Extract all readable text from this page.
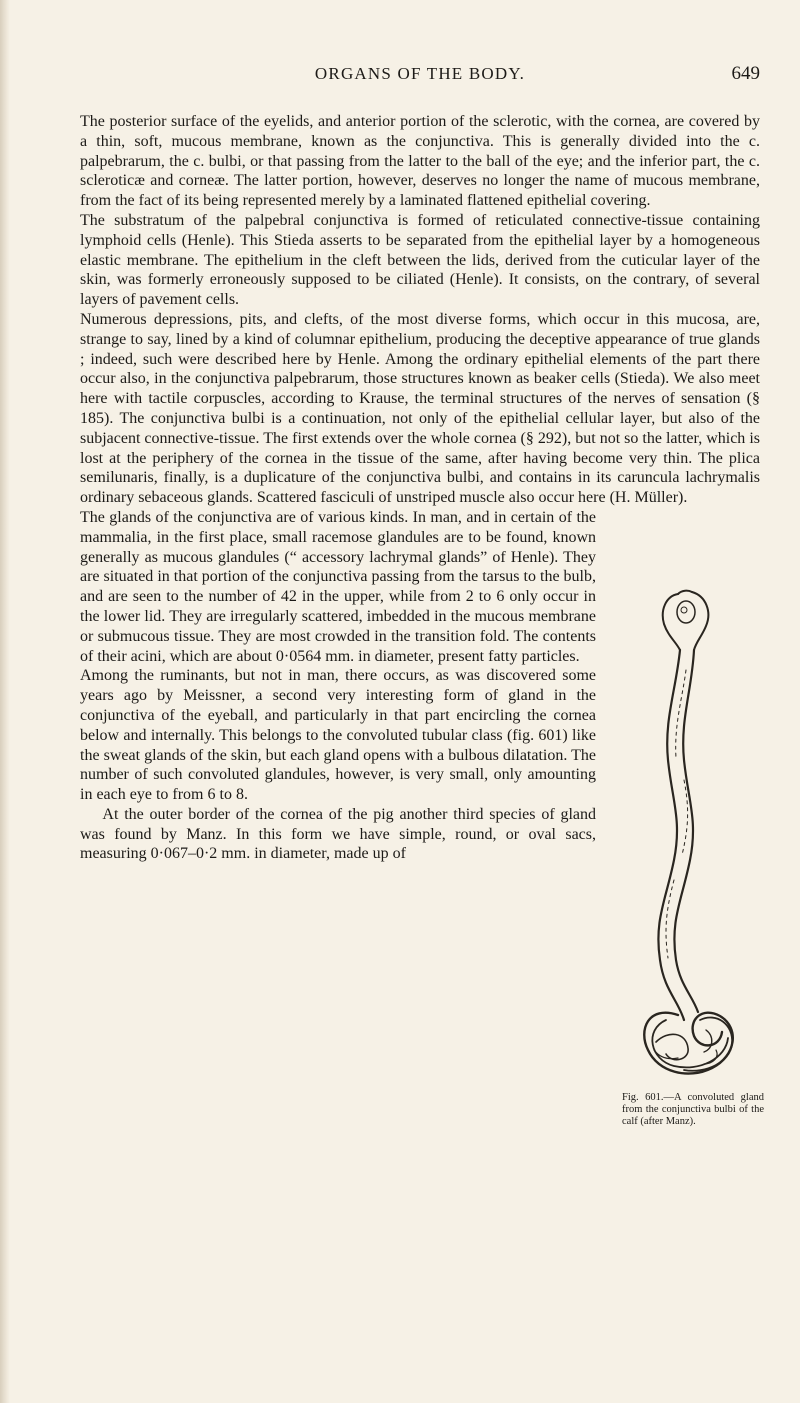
ORGANS OF THE BODY.	649

The posterior surface of the eyelids, and anterior portion of the sclerotic, with the cornea, are covered by a thin, soft, mucous membrane, known as the conjunctiva. This is generally divided into the c. palpebrarum, the c. bulbi, or that passing from the latter to the ball of the eye; and the inferior part, the c. scleroticæ and corneæ. The latter portion, however, deserves no longer the name of mucous membrane, from the fact of its being represented merely by a laminated flattened epithelial covering.

The substratum of the palpebral conjunctiva is formed of reticulated connective-tissue containing lymphoid cells (Henle). This Stieda asserts to be separated from the epithelial layer by a homogeneous elastic membrane. The epithelium in the cleft between the lids, derived from the cuticular layer of the skin, was formerly erroneously supposed to be ciliated (Henle). It consists, on the contrary, of several layers of pavement cells.

Numerous depressions, pits, and clefts, of the most diverse forms, which occur in this mucosa, are, strange to say, lined by a kind of columnar epithelium, producing the deceptive appearance of true glands ; indeed, such were described here by Henle. Among the ordinary epithelial elements of the part there occur also, in the conjunctiva palpebrarum, those structures known as beaker cells (Stieda). We also meet here with tactile corpuscles, according to Krause, the terminal structures of the nerves of sensation (§ 185). The conjunctiva bulbi is a continuation, not only of the epithelial cellular layer, but also of the subjacent connective-tissue. The first extends over the whole cornea (§ 292), but not so the latter, which is lost at the periphery of the cornea in the tissue of the same, after having become very thin. The plica semilunaris, finally, is a duplicature of the conjunctiva bulbi, and contains in its caruncula lachrymalis ordinary sebaceous glands. Scattered fasciculi of unstriped muscle also occur here (H. Müller).

Fig. 601.—A convoluted gland from the conjunctiva bulbi of the calf (after Manz).

The glands of the conjunctiva are of various kinds. In man, and in certain of the mammalia, in the first place, small racemose glandules are to be found, known generally as mucous glandules (“ accessory lachrymal glands” of Henle). They are situated in that portion of the conjunctiva passing from the tarsus to the bulb, and are seen to the number of 42 in the upper, while from 2 to 6 only occur in the lower lid. They are irregularly scattered, imbedded in the mucous membrane or submucous tissue. They are most crowded in the transition fold. The contents of their acini, which are about 0·0564 mm. in diameter, present fatty particles.

Among the ruminants, but not in man, there occurs, as was discovered some years ago by Meissner, a second very interesting form of gland in the conjunctiva of the eyeball, and particularly in that part encircling the cornea below and internally. This belongs to the convoluted tubular class (fig. 601) like the sweat glands of the skin, but each gland opens with a bulbous dilatation. The number of such convoluted glandules, however, is very small, only amounting in each eye to from 6 to 8.

At the outer border of the cornea of the pig another third species of gland was found by Manz. In this form we have simple, round, or oval sacs, measuring 0·067–0·2 mm. in diameter, made up of
